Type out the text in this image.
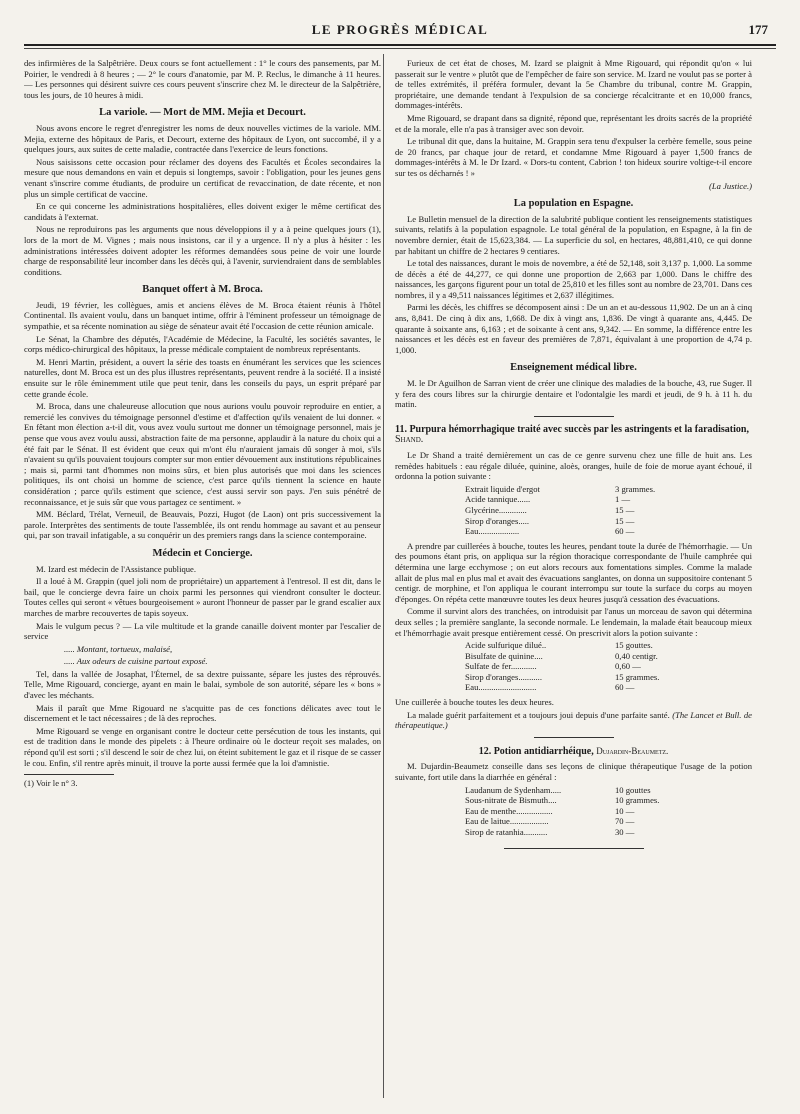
LE PROGRÈS MÉDICAL	177

des infirmières de la Salpêtrière. Deux cours se font actuellement : 1° le cours des pansements, par M. Poirier, le vendredi à 8 heures ; — 2° le cours d'anatomie, par M. P. Reclus, le dimanche à 11 heures. — Les personnes qui désirent suivre ces cours peuvent s'inscrire chez M. le directeur de la Salpêtrière, tous les jours, de 10 heures à midi.

La variole. — Mort de MM. Mejia et Decourt.

Nous avons encore le regret d'enregistrer les noms de deux nouvelles victimes de la variole. MM. Mejia, externe des hôpitaux de Paris, et Decourt, externe des hôpitaux de Lyon, ont succombé, il y a quelques jours, aux suites de cette maladie, contractée dans l'exercice de leurs fonctions.

Nous saisissons cette occasion pour réclamer des doyens des Facultés et Écoles secondaires la mesure que nous demandons en vain et depuis si longtemps, savoir : l'obligation, pour les jeunes gens venant s'inscrire comme étudiants, de produire un certificat de revaccination, de date récente, et non plus un simple certificat de vaccine.

En ce qui concerne les administrations hospitalières, elles doivent exiger le même certificat des candidats à l'externat.

Nous ne reproduirons pas les arguments que nous développions il y a à peine quelques jours (1), lors de la mort de M. Vignes ; mais nous insistons, car il y a urgence. Il n'y a plus à hésiter : les administrations intéressées doivent adopter les réformes demandées sous peine de voir une lourde charge de responsabilité leur incomber dans les décès qui, à l'avenir, surviendraient dans de semblables conditions.

Banquet offert à M. Broca.

Jeudi, 19 février, les collègues, amis et anciens élèves de M. Broca étaient réunis à l'hôtel Continental. Ils avaient voulu, dans un banquet intime, offrir à l'éminent professeur un témoignage de sympathie, et sa récente nomination au siège de sénateur avait été l'occasion de cette réunion amicale.

Le Sénat, la Chambre des députés, l'Académie de Médecine, la Faculté, les sociétés savantes, le corps médico-chirurgical des hôpitaux, la presse médicale comptaient de nombreux représentants.

M. Henri Martin, président, a ouvert la série des toasts en énumérant les services que les sciences naturelles, dont M. Broca est un des plus illustres représentants, peuvent rendre à la société. Il a insisté ensuite sur le rôle éminemment utile que peut tenir, dans les conseils du pays, un esprit préparé par cette grande école.

M. Broca, dans une chaleureuse allocution que nous aurions voulu pouvoir reproduire en entier, a remercié les convives du témoignage personnel d'estime et d'affection qu'ils venaient de lui donner. « En fêtant mon élection a-t-il dit, vous avez voulu surtout me donner un témoignage personnel, mais je pense que vous avez voulu aussi, abstraction faite de ma personne, applaudir à la nature du choix qui a été fait par le Sénat. Il est évident que ceux qui m'ont élu n'auraient jamais dû songer à moi, s'ils n'avaient su qu'ils pouvaient toujours compter sur mon entier dévouement aux institutions républicaines ; mais si, parmi tant d'hommes non moins sûrs, et bien plus autorisés que moi dans les sciences politiques, ils ont choisi un homme de science, c'est parce qu'ils tiennent la science en haute considération ; parce qu'ils estiment que science, c'est aussi servir son pays. J'en suis pénétré de reconnaissance, et je suis sûr que vous partagez ce sentiment. »

MM. Béclard, Trélat, Verneuil, de Beauvais, Pozzi, Hugot (de Laon) ont pris successivement la parole. Interprètes des sentiments de toute l'assemblée, ils ont rendu hommage au savant et au penseur qui, par son travail infatigable, a su conquérir un des premiers rangs dans la science contemporaine.

Médecin et Concierge.

M. Izard est médecin de l'Assistance publique.

Il a loué à M. Grappin (quel joli nom de propriétaire) un appartement à l'entresol. Il est dit, dans le bail, que le concierge devra faire un choix parmi les personnes qui viendront consulter le docteur. Toutes celles qui seront « vêtues bourgeoisement » auront l'honneur de passer par le grand escalier aux marches de marbre recouvertes de tapis soyeux.

Mais le vulgum pecus ? — La vile multitude et la grande canaille doivent monter par l'escalier de service

..... Montant, tortueux, malaisé,
..... Aux odeurs de cuisine partout exposé.

Tel, dans la vallée de Josaphat, l'Éternel, de sa dextre puissante, sépare les justes des réprouvés. Telle, Mme Rigouard, concierge, ayant en main le balai, symbole de son autorité, sépare les « bons » d'avec les méchants.

Mais il paraît que Mme Rigouard ne s'acquitte pas de ces fonctions délicates avec tout le discernement et le tact nécessaires ; de là des reproches.

Mme Rigouard se venge en organisant contre le docteur cette persécution de tous les instants, qui est de tradition dans le monde des pipelets : à l'heure ordinaire où le docteur reçoit ses malades, on répond qu'il est sorti ; s'il descend le soir de chez lui, on éteint subitement le gaz et il risque de se casser le cou. Enfin, s'il rentre après minuit, il trouve la porte aussi fermée que la loi d'amnistie.

(1) Voir le n° 3.

Furieux de cet état de choses, M. Izard se plaignit à Mme Rigouard, qui répondit qu'on « lui passerait sur le ventre » plutôt que de l'empêcher de faire son service. M. Izard ne voulut pas se porter à de telles extrémités, il préféra formuler, devant la 5e Chambre du tribunal, contre M. Grappin, propriétaire, une demande tendant à l'expulsion de sa concierge récalcitrante et en 10,000 francs, dommages-intérêts.

Mme Rigouard, se drapant dans sa dignité, répond que, représentant les droits sacrés de la propriété et de la morale, elle n'a pas à transiger avec son devoir.

Le tribunal dit que, dans la huitaine, M. Grappin sera tenu d'expulser la cerbère femelle, sous peine de 20 francs, par chaque jour de retard, et condamne Mme Rigouard à payer 1,500 francs de dommages-intérêts à M. le Dr Izard. « Dors-tu content, Cabrion ! ton hideux sourire voltige-t-il encore sur tes os décharnés ! »

(La Justice.)
La population en Espagne.

Le Bulletin mensuel de la direction de la salubrité publique contient les renseignements statistiques suivants, relatifs à la population espagnole. Le total général de la population, en Espagne, à la fin de novembre dernier, était de 15,623,384. — La superficie du sol, en hectares, 48,881,410, ce qui donne par habitant un chiffre de 2 hectares 9 centiares.

Le total des naissances, durant le mois de novembre, a été de 52,148, soit 3,137 p. 1,000. La somme de décès a été de 44,277, ce qui donne une proportion de 2,663 par 1,000. Dans le chiffre des naissances, les garçons figurent pour un total de 25,810 et les filles sont au nombre de 23,701. Dans ces nombres, il y a 49,511 naissances légitimes et 2,637 illégitimes.

Parmi les décès, les chiffres se décomposent ainsi : De un an et au-dessous 11,902. De un an à cinq ans, 8,841. De cinq à dix ans, 1,668. De dix à vingt ans, 1,836. De vingt à quarante ans, 4,445. De quarante à soixante ans, 6,163 ; et de soixante à cent ans, 9,342. — En somme, la différence entre les naissances et les décès est en faveur des premières de 7,871, équivalant à une proportion de 4,74 p. 1,000.

Enseignement médical libre.

M. le Dr Aguilhon de Sarran vient de créer une clinique des maladies de la bouche, 43, rue Suger. Il y fera des cours libres sur la chirurgie dentaire et l'odontalgie les mardi et jeudi, de 9 h. à 11 h. du matin.

11. Purpura hémorrhagique traité avec succès par les astringents et la faradisation, Shand.

Le Dr Shand a traité dernièrement un cas de ce genre survenu chez une fille de huit ans. Les remèdes habituels : eau régale diluée, quinine, aloès, oranges, huile de foie de morue ayant échoué, il ordonna la potion suivante :

Extrait liquide d'ergot	3 grammes.
Acide tannique......	1 —
Glycérine.............	15 —
Sirop d'oranges.....	15 —
Eau...................	60 —

A prendre par cuillerées à bouche, toutes les heures, pendant toute la durée de l'hémorrhagie. — Un des poumons étant pris, on appliqua sur la région thoracique correspondante de l'huile camphrée qui détermina une large ecchymose ; on eut alors recours aux fomentations simples. Comme la malade allait de plus mal en plus mal et avait des évacuations sanglantes, on donna un suppositoire contenant 5 centigr. de morphine, et l'on appliqua le courant interrompu sur toute la surface du corps au moyen d'éponges. On répéta cette manœuvre toutes les deux heures jusqu'à cessation des évacuations.

Comme il survint alors des tranchées, on introduisit par l'anus un morceau de savon qui détermina deux selles ; la première sanglante, la seconde normale. Le lendemain, la malade était beaucoup mieux et l'hémorrhagie avait presque entièrement cessé. On prescrivit alors la potion suivante :

Acide sulfurique dilué..	15 gouttes.
Bisulfate de quinine....	0,40 centigr.
Sulfate de fer............	0,60 —
Sirop d'oranges...........	15 grammes.
Eau...........................	60 —

Une cuillerée à bouche toutes les deux heures.

La malade guérit parfaitement et a toujours joui depuis d'une parfaite santé. (The Lancet et Bull. de thérapeutique.)

12. Potion antidiarrhéique, Dujardin-Beaumetz.

M. Dujardin-Beaumetz conseille dans ses leçons de clinique thérapeutique l'usage de la potion suivante, fort utile dans la diarrhée en général :

Laudanum de Sydenham.....	10 gouttes
Sous-nitrate de Bismuth....	10 grammes.
Eau de menthe.................	10 —
Eau de laitue..................	70 —
Sirop de ratanhia...........	30 —
